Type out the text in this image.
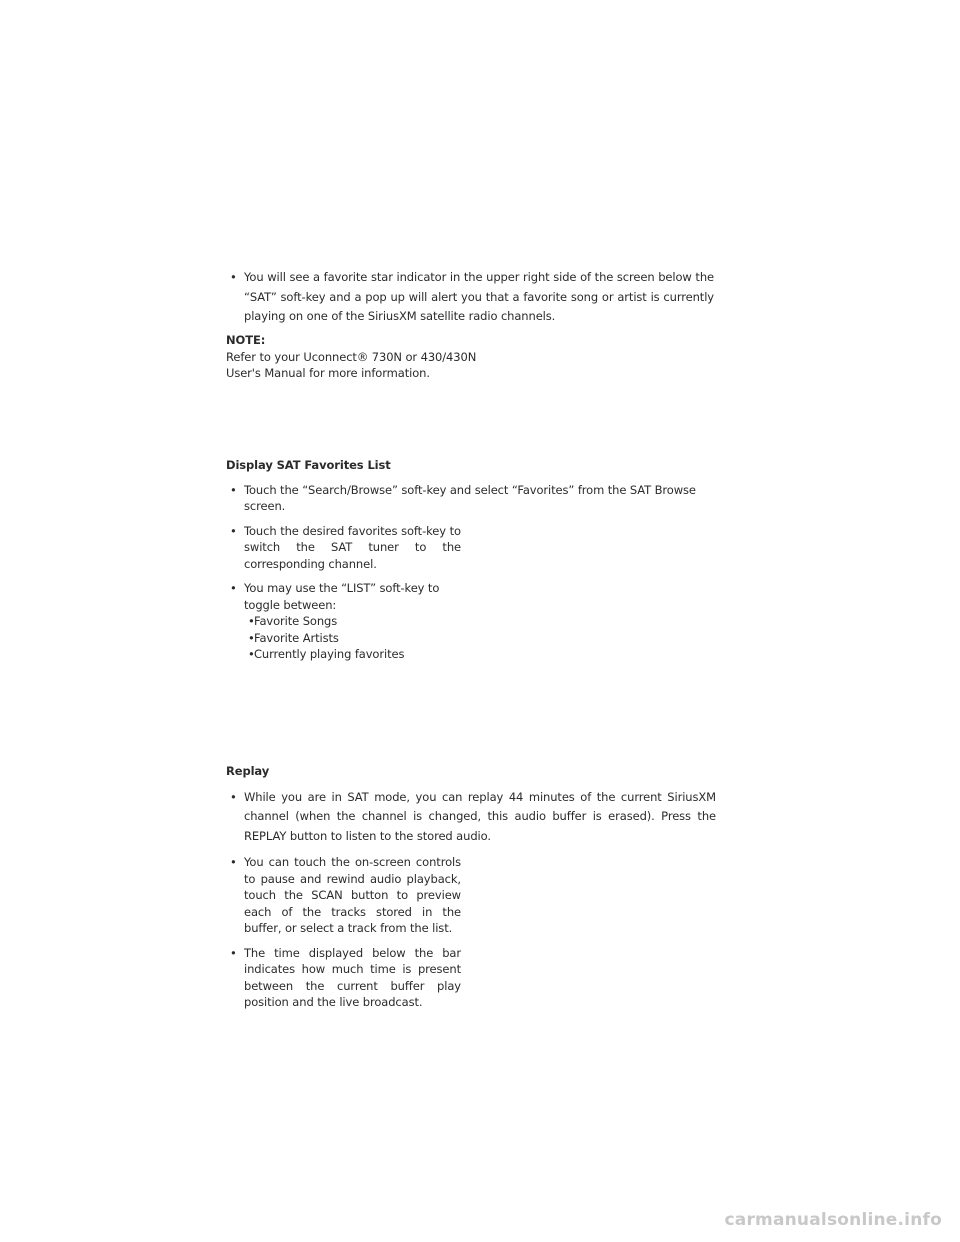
• You will see a favorite star indicator in the upper right side of the screen below the “SAT” soft-key and a pop up will alert you that a favorite song or artist is currently playing on one of the SiriusXM satellite radio channels.

NOTE:
Refer to your Uconnect® 730N or 430/430N
User's Manual for more information.
Display SAT Favorites List

• Touch the “Search/Browse” soft-key and select “Favorites” from the SAT Browse screen.

• Touch the desired favorites soft-key to switch the SAT tuner to the corresponding channel.

• You may use the “LIST” soft-key to toggle between:

• Favorite Songs
• Favorite Artists
• Currently playing favorites
Replay

• While you are in SAT mode, you can replay 44 minutes of the current SiriusXM channel (when the channel is changed, this audio buffer is erased). Press the REPLAY button to listen to the stored audio.

• You can touch the on-screen controls to pause and rewind audio playback, touch the SCAN button to preview each of the tracks stored in the buffer, or select a track from the list.

• The time displayed below the bar indicates how much time is present between the current buffer play position and the live broadcast.

carmanualsonline.info
